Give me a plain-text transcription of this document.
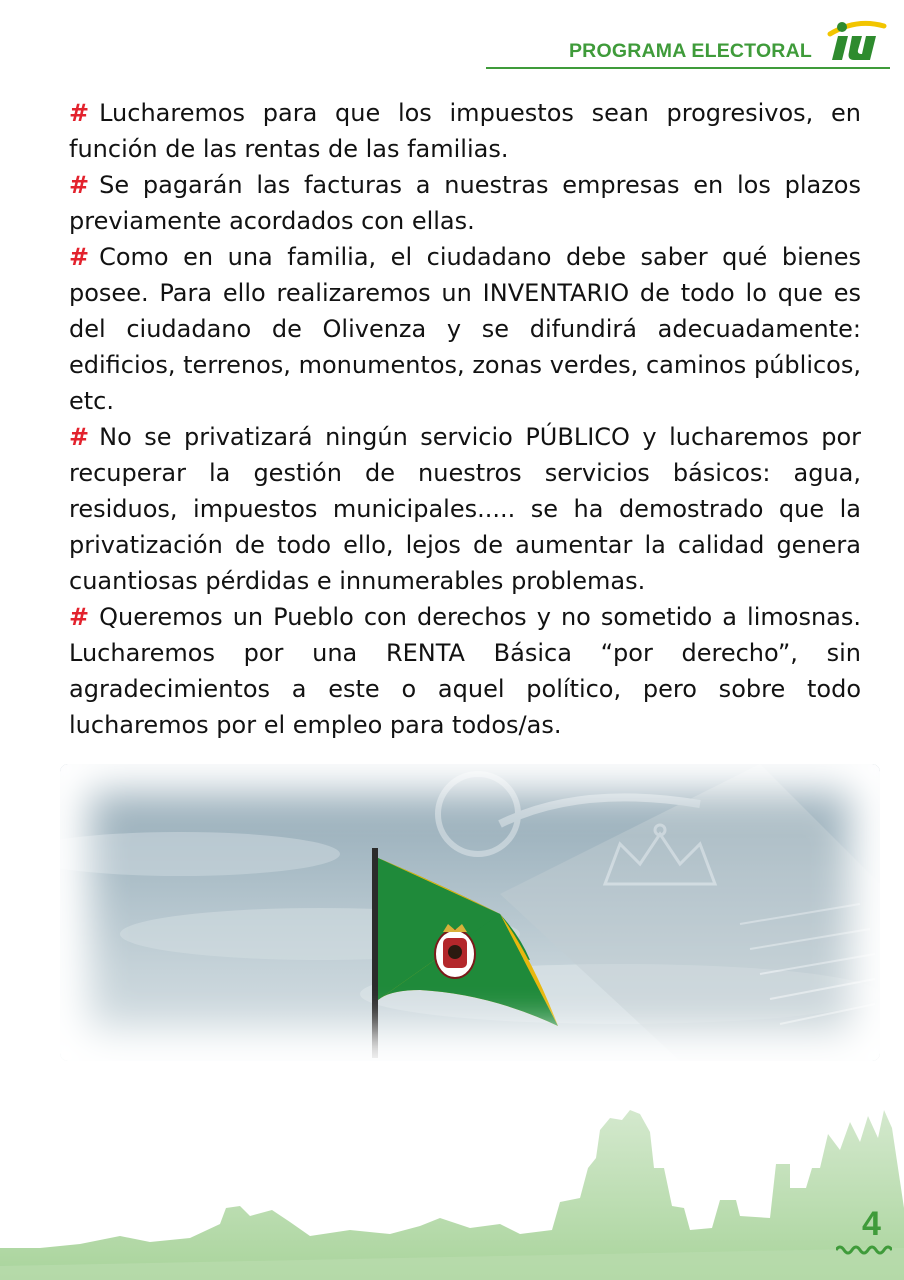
PROGRAMA ELECTORAL

# Lucharemos para que los impuestos sean progresivos, en función de las rentas de las familias.

# Se pagarán las facturas a nuestras empresas en los plazos previamente acordados con ellas.

# Como en una familia, el ciudadano debe saber qué bienes posee. Para ello realizaremos un INVENTARIO de todo lo que es del ciudadano de Olivenza y se difundirá adecuadamente: edificios, terrenos, monumentos, zonas verdes, caminos públicos, etc.

# No se privatizará ningún servicio PÚBLICO y lucharemos por recuperar la gestión de nuestros servicios básicos: agua, residuos, impuestos municipales..... se ha demostrado que la privatización de todo ello, lejos de aumentar la calidad genera cuantiosas pérdidas e innumerables problemas.

# Queremos un Pueblo con derechos y no sometido a limosnas. Lucharemos por una RENTA Básica “por derecho”, sin agradecimientos a este o aquel político, pero sobre todo lucharemos por el empleo para todos/as.

4
